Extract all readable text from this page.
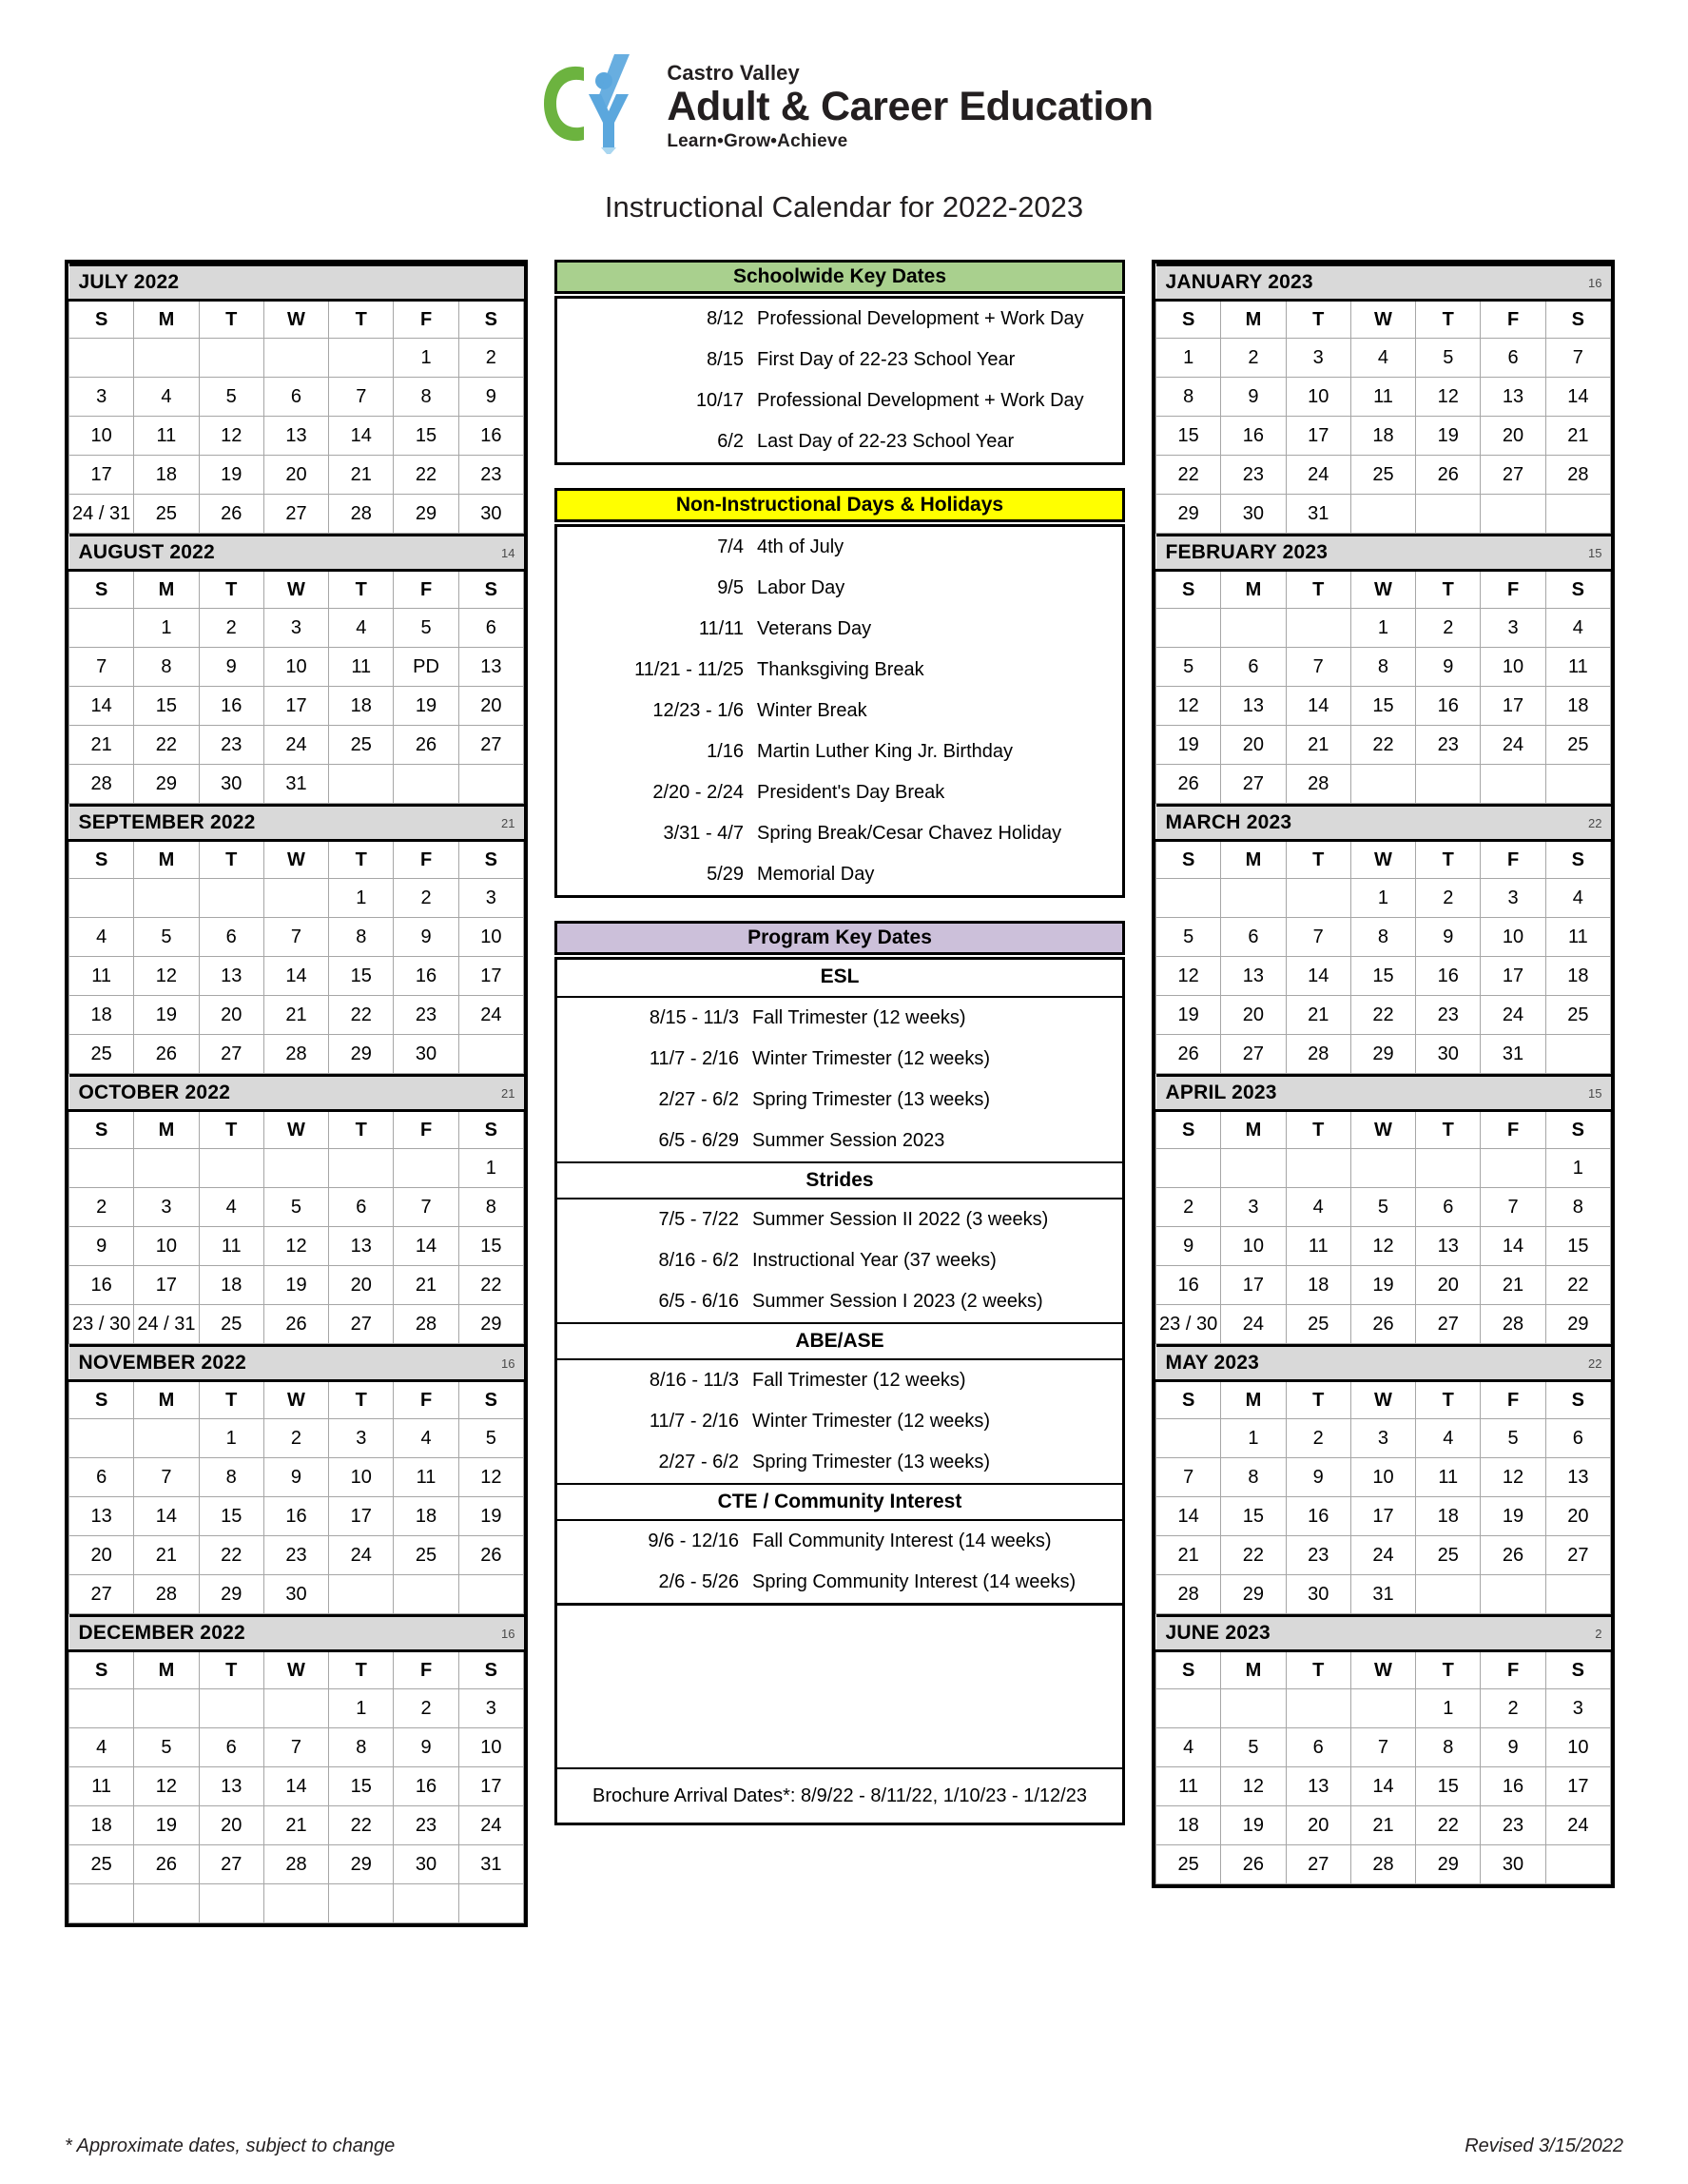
Castro Valley
Adult & Career Education
Learn•Grow•Achieve
Instructional Calendar for 2022-2023
JULY 2022						

S	M	T	W	T	F	S
					1	2
3	4	5	6	7	8	9
10	11	12	13	14	15	16
17	18	19	20	21	22	23
24 / 31	25	26	27	28	29	30
AUGUST 2022 14						

S	M	T	W	T	F	S
	1	2	3	4	5	6
7	8	9	10	11	PD	13
14	15	16	17	18	19	20
21	22	23	24	25	26	27
28	29	30	31			
SEPTEMBER 2022 21						

S	M	T	W	T	F	S
				1	2	3
4	5	6	7	8	9	10
11	12	13	14	15	16	17
18	19	20	21	22	23	24
25	26	27	28	29	30	
OCTOBER 2022 21						

S	M	T	W	T	F	S
						1
2	3	4	5	6	7	8
9	10	11	12	13	14	15
16	17	18	19	20	21	22
23 / 30	24 / 31	25	26	27	28	29
NOVEMBER 2022 16						

S	M	T	W	T	F	S
		1	2	3	4	5
6	7	8	9	10	11	12
13	14	15	16	17	18	19
20	21	22	23	24	25	26
27	28	29	30			
DECEMBER 2022 16						

S	M	T	W	T	F	S
				1	2	3
4	5	6	7	8	9	10
11	12	13	14	15	16	17
18	19	20	21	22	23	24
25	26	27	28	29	30	31

Schoolwide Key Dates
8/12 Professional Development + Work Day
8/15 First Day of 22-23 School Year
10/17 Professional Development + Work Day
6/2 Last Day of 22-23 School Year
Non-Instructional Days & Holidays
7/4 4th of July
9/5 Labor Day
11/11 Veterans Day
11/21 - 11/25 Thanksgiving Break
12/23 - 1/6 Winter Break
1/16 Martin Luther King Jr. Birthday
2/20 - 2/24 President's Day Break
3/31 - 4/7 Spring Break/Cesar Chavez Holiday
5/29 Memorial Day
Program Key Dates
ESL
8/15 - 11/3 Fall Trimester (12 weeks)
11/7 - 2/16 Winter Trimester (12 weeks)
2/27 - 6/2 Spring Trimester (13 weeks)
6/5 - 6/29 Summer Session 2023
Strides
7/5 - 7/22 Summer Session II 2022 (3 weeks)
8/16 - 6/2 Instructional Year (37 weeks)
6/5 - 6/16 Summer Session I 2023 (2 weeks)
ABE/ASE
8/16 - 11/3 Fall Trimester (12 weeks)
11/7 - 2/16 Winter Trimester (12 weeks)
2/27 - 6/2 Spring Trimester (13 weeks)
CTE / Community Interest
9/6 - 12/16 Fall Community Interest (14 weeks)
2/6 - 5/26 Spring Community Interest (14 weeks)
Brochure Arrival Dates*: 8/9/22 - 8/11/22, 1/10/23 - 1/12/23
JANUARY 2023 16						

S	M	T	W	T	F	S
1	2	3	4	5	6	7
8	9	10	11	12	13	14
15	16	17	18	19	20	21
22	23	24	25	26	27	28
29	30	31				
FEBRUARY 2023 15						

S	M	T	W	T	F	S
			1	2	3	4
5	6	7	8	9	10	11
12	13	14	15	16	17	18
19	20	21	22	23	24	25
26	27	28				
MARCH 2023 22						

S	M	T	W	T	F	S
			1	2	3	4
5	6	7	8	9	10	11
12	13	14	15	16	17	18
19	20	21	22	23	24	25
26	27	28	29	30	31	
APRIL 2023 15						

S	M	T	W	T	F	S
						1
2	3	4	5	6	7	8
9	10	11	12	13	14	15
16	17	18	19	20	21	22
23 / 30	24	25	26	27	28	29
MAY 2023 22						

S	M	T	W	T	F	S
	1	2	3	4	5	6
7	8	9	10	11	12	13
14	15	16	17	18	19	20
21	22	23	24	25	26	27
28	29	30	31			
JUNE 2023 2						

S	M	T	W	T	F	S
				1	2	3
4	5	6	7	8	9	10
11	12	13	14	15	16	17
18	19	20	21	22	23	24
25	26	27	28	29	30	
* Approximate dates, subject to change	Revised 3/15/2022
